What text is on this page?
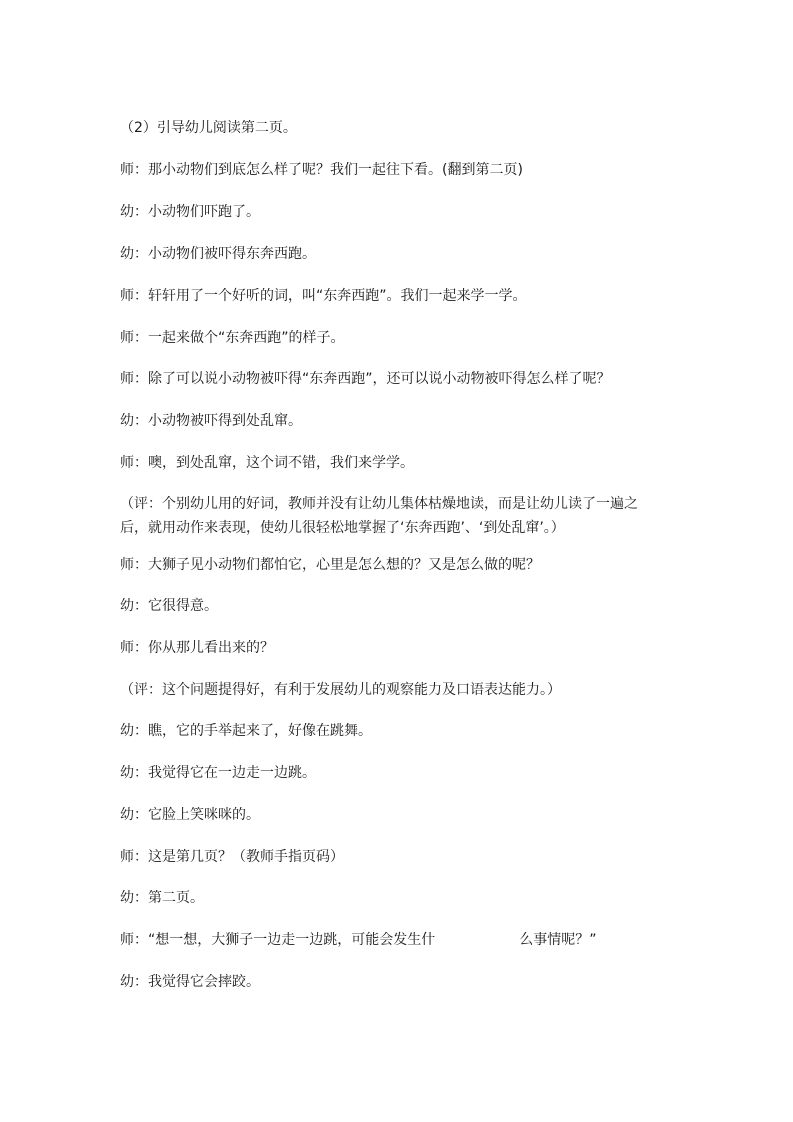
（2）引导幼儿阅读第二页。
师：那小动物们到底怎么样了呢？我们一起往下看。(翻到第二页)
幼：小动物们吓跑了。
幼：小动物们被吓得东奔西跑。
师：轩轩用了一个好听的词，叫“东奔西跑”。我们一起来学一学。
师：一起来做个“东奔西跑”的样子。
师：除了可以说小动物被吓得“东奔西跑”，还可以说小动物被吓得怎么样了呢？
幼：小动物被吓得到处乱窜。
师：噢，到处乱窜，这个词不错，我们来学学。
（评：个别幼儿用的好词，教师并没有让幼儿集体枯燥地读，而是让幼儿读了一遍之后，就用动作来表现，使幼儿很轻松地掌握了‘东奔西跑’、‘到处乱窜’。）
师：大狮子见小动物们都怕它，心里是怎么想的？又是怎么做的呢？
幼：它很得意。
师：你从那儿看出来的？
（评：这个问题提得好，有利于发展幼儿的观察能力及口语表达能力。）
幼：瞧，它的手举起来了，好像在跳舞。
幼：我觉得它在一边走一边跳。
幼：它脸上笑咪咪的。
师：这是第几页？（教师手指页码）
幼：第二页。
师：“想一想，大狮子一边走一边跳，可能会发生什	么事情呢？”
幼：我觉得它会摔跤。
